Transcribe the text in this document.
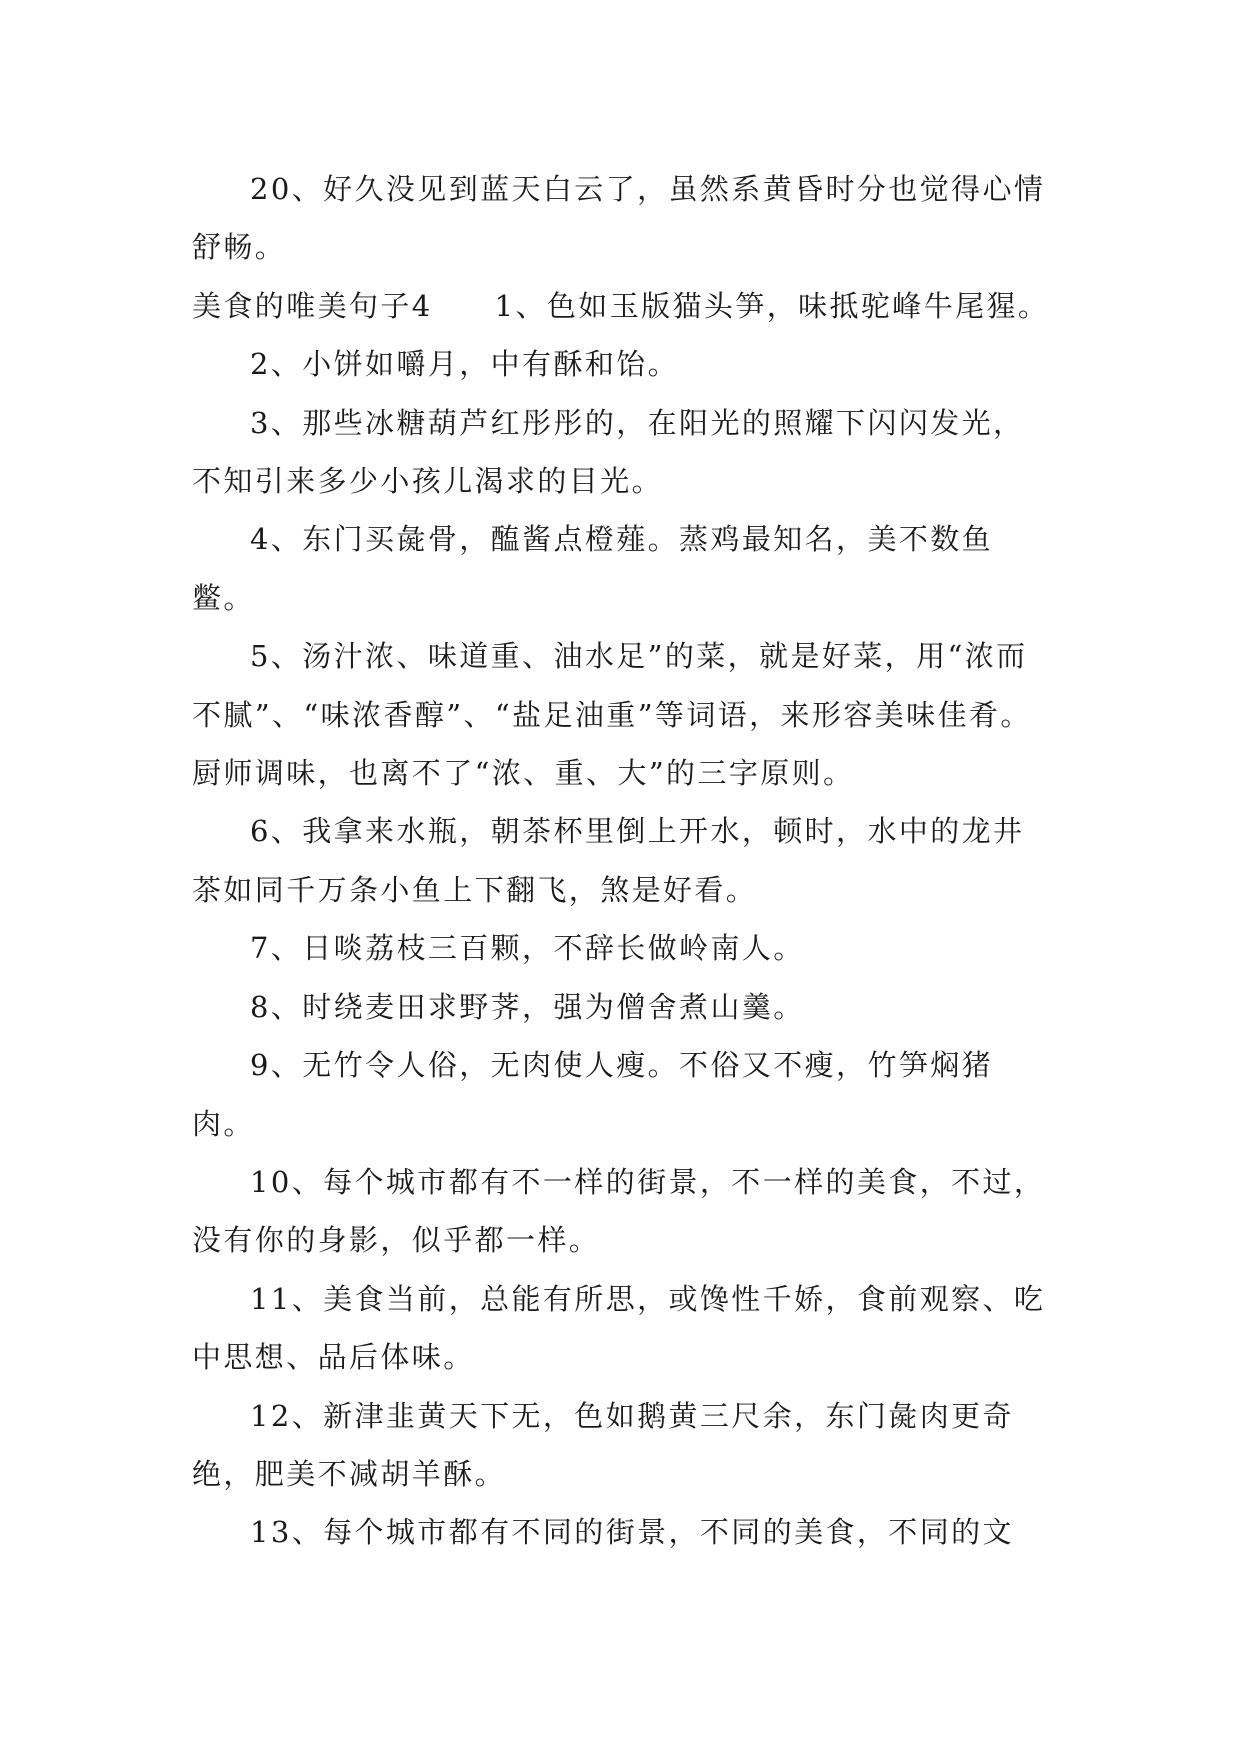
20、好久没见到蓝天白云了，虽然系黄昏时分也觉得心情舒畅。

美食的唯美句子4 1、色如玉版猫头笋，味抵驼峰牛尾猩。

2、小饼如嚼月，中有酥和饴。

3、那些冰糖葫芦红彤彤的，在阳光的照耀下闪闪发光，不知引来多少小孩儿渴求的目光。

4、东门买彘骨，醢酱点橙薤。蒸鸡最知名，美不数鱼鳖。

5、汤汁浓、味道重、油水足”的菜，就是好菜，用“浓而不腻”、“味浓香醇”、“盐足油重”等词语，来形容美味佳肴。厨师调味，也离不了“浓、重、大”的三字原则。

6、我拿来水瓶，朝茶杯里倒上开水，顿时，水中的龙井茶如同千万条小鱼上下翻飞，煞是好看。

7、日啖荔枝三百颗，不辞长做岭南人。

8、时绕麦田求野荠，强为僧舍煮山羹。

9、无竹令人俗，无肉使人瘦。不俗又不瘦，竹笋焖猪肉。

10、每个城市都有不一样的街景，不一样的美食，不过，没有你的身影，似乎都一样。

11、美食当前，总能有所思，或馋性千娇，食前观察、吃中思想、品后体味。

12、新津韭黄天下无，色如鹅黄三尺余，东门彘肉更奇绝，肥美不减胡羊酥。

13、每个城市都有不同的街景，不同的美食，不同的文
